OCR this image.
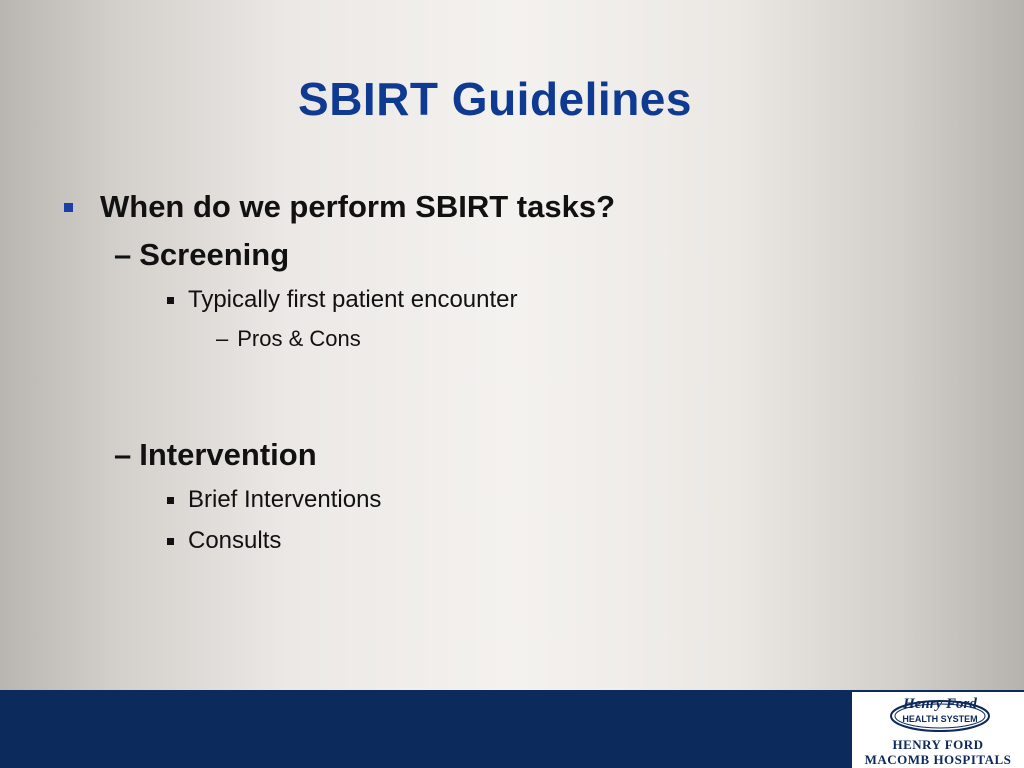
SBIRT Guidelines
When do we perform SBIRT tasks?
– Screening
Typically first patient encounter
– Pros & Cons
– Intervention
Brief Interventions
Consults
Henry Ford
HEALTH SYSTEM
HENRY FORD
MACOMB HOSPITALS
